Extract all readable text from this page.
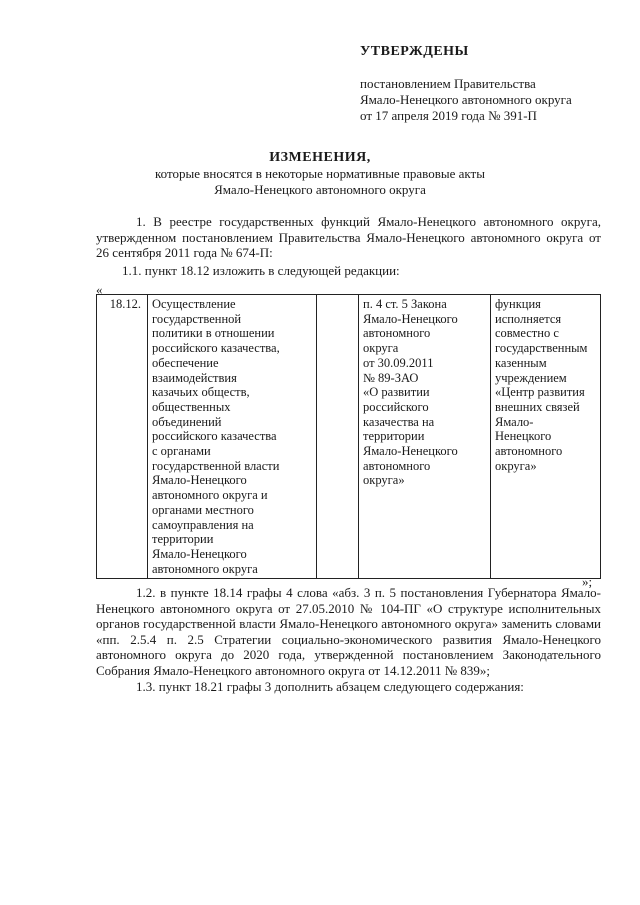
УТВЕРЖДЕНЫ
постановлением Правительства
Ямало-Ненецкого автономного округа
от 17 апреля 2019 года № 391-П
ИЗМЕНЕНИЯ,
которые вносятся в некоторые нормативные правовые акты
Ямало-Ненецкого автономного округа
1. В реестре государственных функций Ямало-Ненецкого автономного округа, утвержденном постановлением Правительства Ямало-Ненецкого автономного округа от 26 сентября 2011 года № 674-П:
1.1. пункт 18.12 изложить в следующей редакции:
«
18.12.	Осуществление
государственной
политики в отношении
российского казачества,
обеспечение
взаимодействия
казачьих обществ,
общественных
объединений
российского казачества
с органами
государственной власти
Ямало-Ненецкого
автономного округа и
органами местного
самоуправления на
территории
Ямало-Ненецкого
автономного округа

п. 4 ст. 5 Закона
Ямало-Ненецкого
автономного
округа
от 30.09.2011
№ 89-ЗАО
«О развитии
российского
казачества на
территории
Ямало-Ненецкого
автономного
округа»

функция
исполняется
совместно с
государственным
казенным
учреждением
«Центр развития
внешних связей
Ямало-
Ненецкого
автономного
округа»
»;
1.2. в пункте 18.14 графы 4 слова «абз. 3 п. 5 постановления Губернатора Ямало-Ненецкого автономного округа от 27.05.2010 № 104-ПГ «О структуре исполнительных органов государственной власти Ямало-Ненецкого автономного округа» заменить словами «пп. 2.5.4 п. 2.5 Стратегии социально-экономического развития Ямало-Ненецкого автономного округа до 2020 года, утвержденной постановлением Законодательного Собрания Ямало-Ненецкого автономного округа от 14.12.2011 № 839»;
1.3. пункт 18.21 графы 3 дополнить абзацем следующего содержания:
